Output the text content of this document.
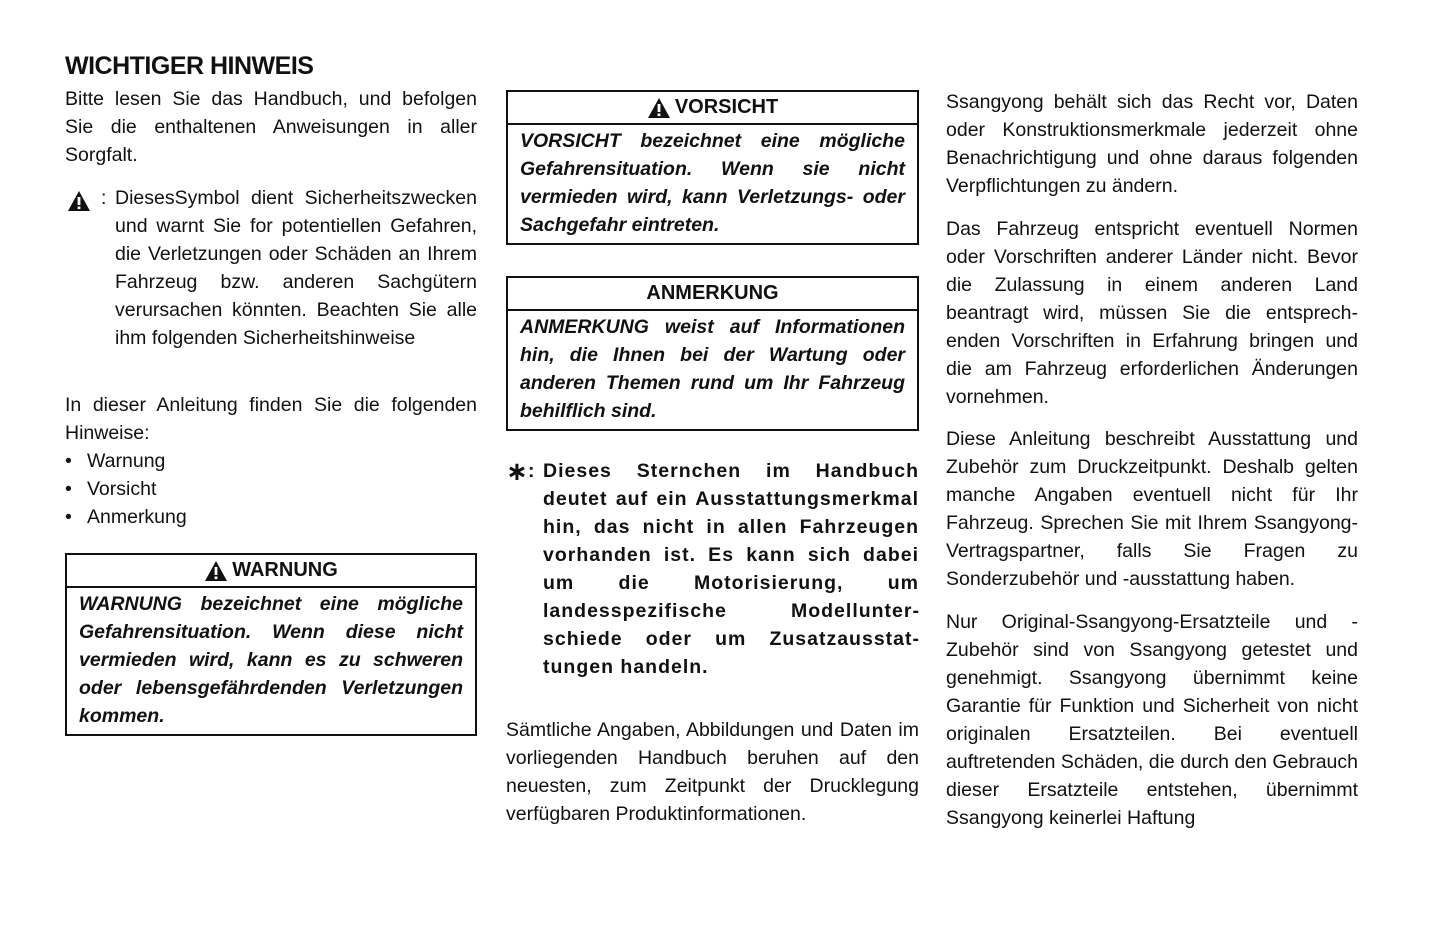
WICHTIGER HINWEIS

Bitte lesen Sie das Handbuch, und befolgen Sie die enthaltenen Anweisungen in aller Sorgfalt.

: DiesesSymbol dient Sicherheitszwecken und warnt Sie for potentiellen Gefahren, die Verletzungen oder Schäden an Ihrem Fahrzeug bzw. anderen Sachgütern verursachen könnten. Beachten Sie alle ihm folgenden Sicherheitshinweise

In dieser Anleitung finden Sie die folgenden Hinweise:

• Warnung
• Vorsicht
• Anmerkung
WARNUNG
WARNUNG bezeichnet eine mögliche Gefahrensituation. Wenn diese nicht vermieden wird, kann es zu schweren oder lebensgefährdenden Verletzungen kommen.
VORSICHT
VORSICHT bezeichnet eine mögliche Gefahrensituation. Wenn sie nicht vermieden wird, kann Verletzungs- oder Sachgefahr eintreten.
ANMERKUNG
ANMERKUNG weist auf Informationen hin, die Ihnen bei der Wartung oder anderen Themen rund um Ihr Fahrzeug behilflich sind.
∗ : Dieses Sternchen im Handbuch deutet auf ein Ausstattungsmerkmal hin, das nicht in allen Fahrzeugen vorhanden ist. Es kann sich dabei um die Motorisierung, um landesspezifische Modellunterschiede oder um Zusatzausstattungen handeln.

Sämtliche Angaben, Abbildungen und Daten im vorliegenden Handbuch beruhen auf den neuesten, zum Zeitpunkt der Drucklegung verfügbaren Produktinformationen.

Ssangyong behält sich das Recht vor, Daten oder Konstruktionsmerkmale jederzeit ohne Benachrichtigung und ohne daraus folgenden Verpflichtungen zu ändern.

Das Fahrzeug entspricht eventuell Normen oder Vorschriften anderer Länder nicht. Bevor die Zulassung in einem anderen Land beantragt wird, müssen Sie die entsprechenden Vorschriften in Erfahrung bringen und die am Fahrzeug erforderlichen Änderungen vornehmen.

Diese Anleitung beschreibt Ausstattung und Zubehör zum Druckzeitpunkt. Deshalb gelten manche Angaben eventuell nicht für Ihr Fahrzeug. Sprechen Sie mit Ihrem Ssangyong-Vertragspartner, falls Sie Fragen zu Sonderzubehör und -ausstattung haben.

Nur Original-Ssangyong-Ersatzteile und -Zubehör sind von Ssangyong getestet und genehmigt. Ssangyong übernimmt keine Garantie für Funktion und Sicherheit von nicht originalen Ersatzteilen. Bei eventuell auftretenden Schäden, die durch den Gebrauch dieser Ersatzteile entstehen, übernimmt Ssangyong keinerlei Haftung
